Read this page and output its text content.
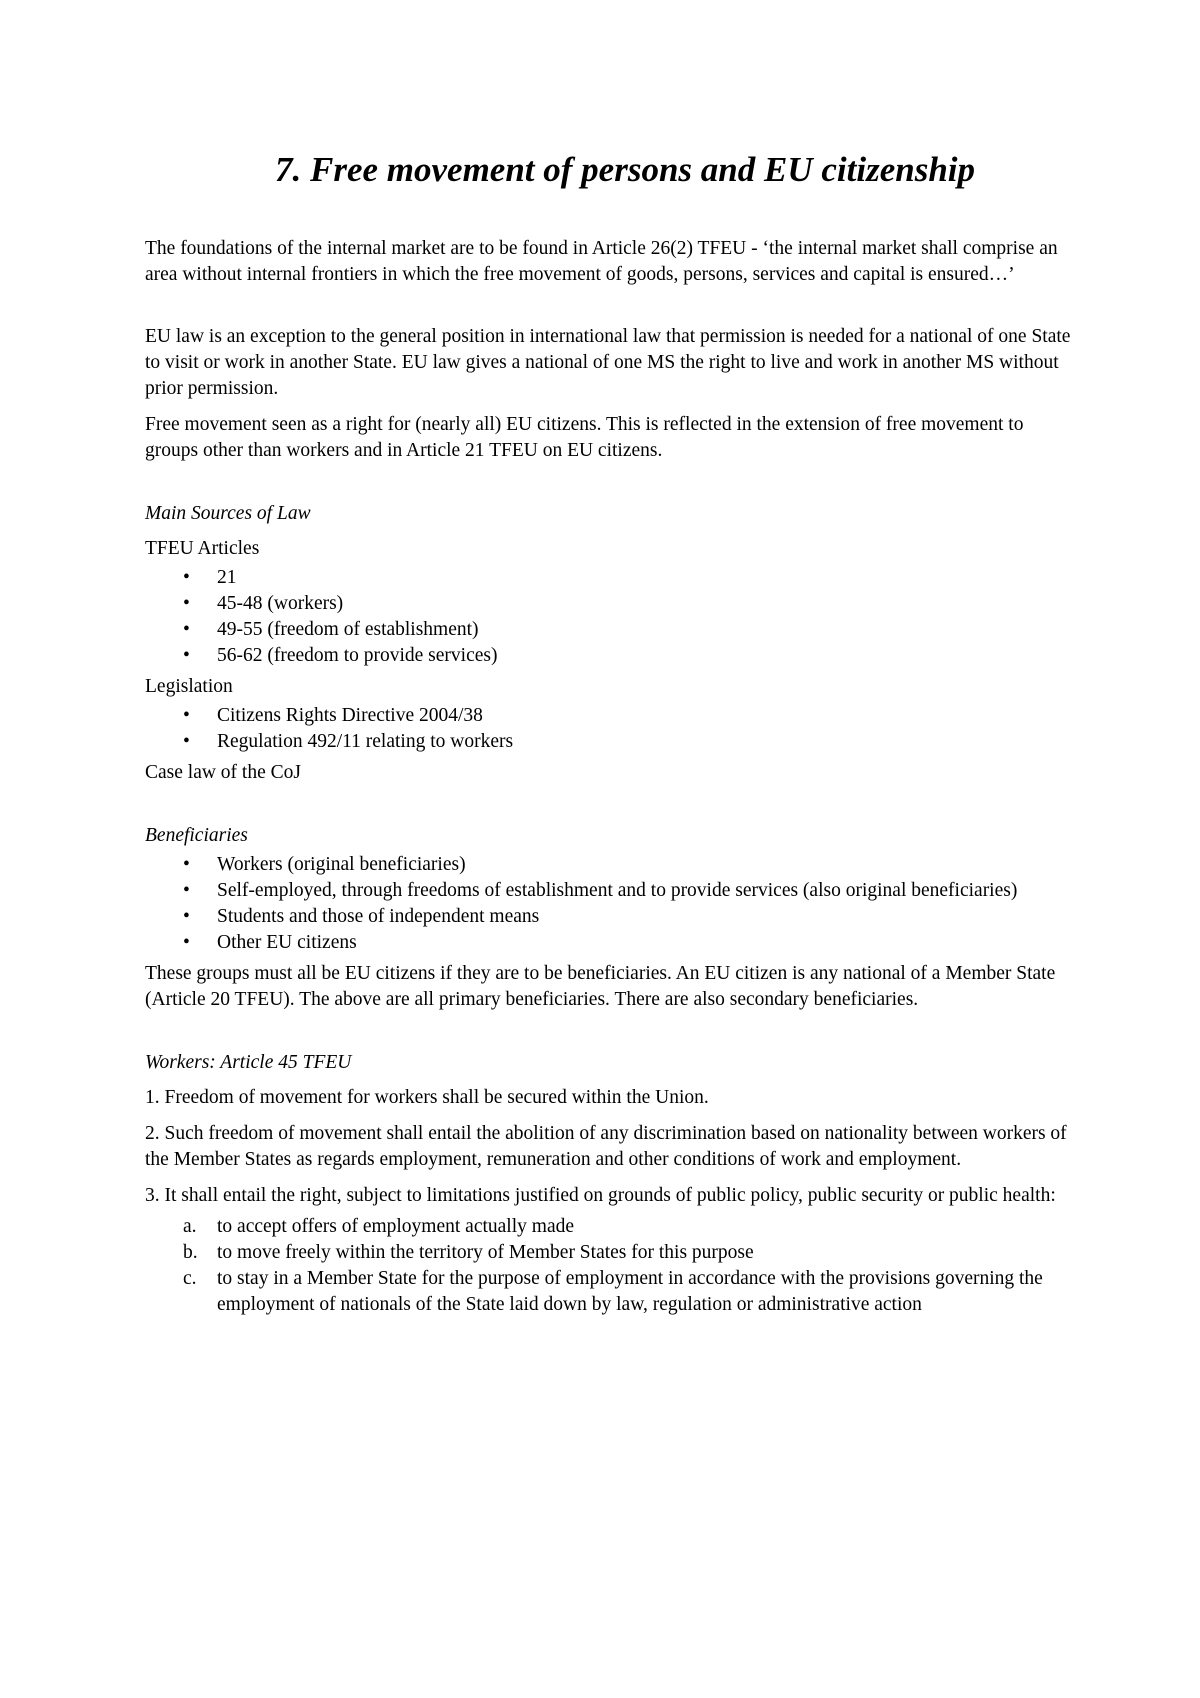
7. Free movement of persons and EU citizenship

The foundations of the internal market are to be found in Article 26(2) TFEU - ‘the internal market shall comprise an area without internal frontiers in which the free movement of goods, persons, services and capital is ensured…’

EU law is an exception to the general position in international law that permission is needed for a national of one State to visit or work in another State. EU law gives a national of one MS the right to live and work in another MS without prior permission.

Free movement seen as a right for (nearly all) EU citizens. This is reflected in the extension of free movement to groups other than workers and in Article 21 TFEU on EU citizens.

Main Sources of Law

TFEU Articles

• 21
• 45-48 (workers)
• 49-55 (freedom of establishment)
• 56-62 (freedom to provide services)

Legislation

• Citizens Rights Directive 2004/38
• Regulation 492/11 relating to workers

Case law of the CoJ

Beneficiaries

• Workers (original beneficiaries)
• Self-employed, through freedoms of establishment and to provide services (also original beneficiaries)
• Students and those of independent means
• Other EU citizens

These groups must all be EU citizens if they are to be beneficiaries. An EU citizen is any national of a Member State (Article 20 TFEU). The above are all primary beneficiaries. There are also secondary beneficiaries.

Workers: Article 45 TFEU

1. Freedom of movement for workers shall be secured within the Union.

2. Such freedom of movement shall entail the abolition of any discrimination based on nationality between workers of the Member States as regards employment, remuneration and other conditions of work and employment.

3. It shall entail the right, subject to limitations justified on grounds of public policy, public security or public health:

a. to accept offers of employment actually made
b. to move freely within the territory of Member States for this purpose
c. to stay in a Member State for the purpose of employment in accordance with the provisions governing the employment of nationals of the State laid down by law, regulation or administrative action
